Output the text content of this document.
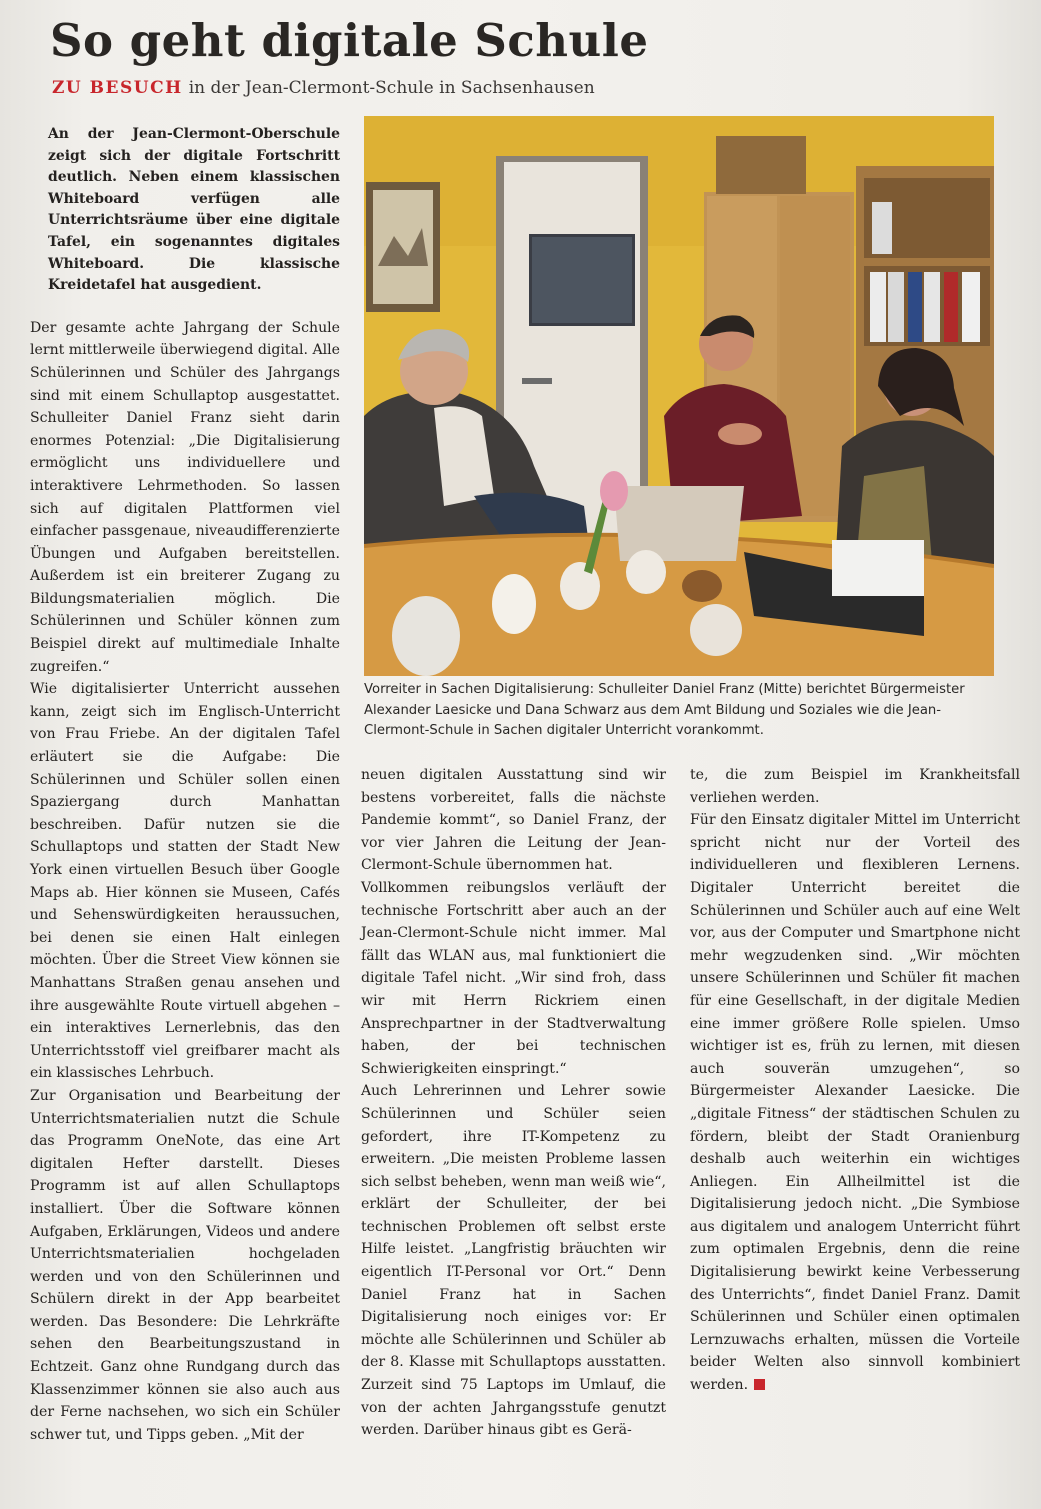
So geht digitale Schule
ZU BESUCH in der Jean-Clermont-Schule in Sachsenhausen

An der Jean-Clermont-Oberschule zeigt sich der digitale Fortschritt deutlich. Neben einem klassischen Whiteboard verfügen alle Unterrichtsräume über eine digitale Tafel, ein sogenanntes digitales Whiteboard. Die klassische Kreidetafel hat ausgedient.

Der gesamte achte Jahrgang der Schule lernt mittlerweile überwiegend digital. Alle Schülerinnen und Schüler des Jahrgangs sind mit einem Schullaptop ausgestattet. Schulleiter Daniel Franz sieht darin enormes Potenzial: „Die Digitalisierung ermöglicht uns individuellere und interaktivere Lehrmethoden. So lassen sich auf digitalen Plattformen viel einfacher passgenaue, niveaudifferenzierte Übungen und Aufgaben bereitstellen. Außerdem ist ein breiterer Zugang zu Bildungsmaterialien möglich. Die Schülerinnen und Schüler können zum Beispiel direkt auf multimediale Inhalte zugreifen.“

Wie digitalisierter Unterricht aussehen kann, zeigt sich im Englisch-Unterricht von Frau Friebe. An der digitalen Tafel erläutert sie die Aufgabe: Die Schülerinnen und Schüler sollen einen Spaziergang durch Manhattan beschreiben. Dafür nutzen sie die Schullaptops und statten der Stadt New York einen virtuellen Besuch über Google Maps ab. Hier können sie Museen, Cafés und Sehenswürdigkeiten heraussuchen, bei denen sie einen Halt einlegen möchten. Über die Street View können sie Manhattans Straßen genau ansehen und ihre ausgewählte Route virtuell abgehen – ein interaktives Lernerlebnis, das den Unterrichtsstoff viel greifbarer macht als ein klassisches Lehrbuch.

Zur Organisation und Bearbeitung der Unterrichtsmaterialien nutzt die Schule das Programm OneNote, das eine Art digitalen Hefter darstellt. Dieses Programm ist auf allen Schullaptops installiert. Über die Software können Aufgaben, Erklärungen, Videos und andere Unterrichtsmaterialien hochgeladen werden und von den Schülerinnen und Schülern direkt in der App bearbeitet werden. Das Besondere: Die Lehrkräfte sehen den Bearbeitungszustand in Echtzeit. Ganz ohne Rundgang durch das Klassenzimmer können sie also auch aus der Ferne nachsehen, wo sich ein Schüler schwer tut, und Tipps geben. „Mit der

Vorreiter in Sachen Digitalisierung: Schulleiter Daniel Franz (Mitte) berichtet Bürgermeister Alexander Laesicke und Dana Schwarz aus dem Amt Bildung und Soziales wie die Jean-Clermont-Schule in Sachen digitaler Unterricht vorankommt.

neuen digitalen Ausstattung sind wir bestens vorbereitet, falls die nächste Pandemie kommt“, so Daniel Franz, der vor vier Jahren die Leitung der Jean-Clermont-Schule übernommen hat.

Vollkommen reibungslos verläuft der technische Fortschritt aber auch an der Jean-Clermont-Schule nicht immer. Mal fällt das WLAN aus, mal funktioniert die digitale Tafel nicht. „Wir sind froh, dass wir mit Herrn Rickriem einen Ansprechpartner in der Stadtverwaltung haben, der bei technischen Schwierigkeiten einspringt.“

Auch Lehrerinnen und Lehrer sowie Schülerinnen und Schüler seien gefordert, ihre IT-Kompetenz zu erweitern. „Die meisten Probleme lassen sich selbst beheben, wenn man weiß wie“, erklärt der Schulleiter, der bei technischen Problemen oft selbst erste Hilfe leistet. „Langfristig bräuchten wir eigentlich IT-Personal vor Ort.“ Denn Daniel Franz hat in Sachen Digitalisierung noch einiges vor: Er möchte alle Schülerinnen und Schüler ab der 8. Klasse mit Schullaptops ausstatten. Zurzeit sind 75 Laptops im Umlauf, die von der achten Jahrgangsstufe genutzt werden. Darüber hinaus gibt es Gerä-

te, die zum Beispiel im Krankheitsfall verliehen werden.

Für den Einsatz digitaler Mittel im Unterricht spricht nicht nur der Vorteil des individuelleren und flexibleren Lernens. Digitaler Unterricht bereitet die Schülerinnen und Schüler auch auf eine Welt vor, aus der Computer und Smartphone nicht mehr wegzudenken sind. „Wir möchten unsere Schülerinnen und Schüler fit machen für eine Gesellschaft, in der digitale Medien eine immer größere Rolle spielen. Umso wichtiger ist es, früh zu lernen, mit diesen auch souverän umzugehen“, so Bürgermeister Alexander Laesicke. Die „digitale Fitness“ der städtischen Schulen zu fördern, bleibt der Stadt Oranienburg deshalb auch weiterhin ein wichtiges Anliegen. Ein Allheilmittel ist die Digitalisierung jedoch nicht. „Die Symbiose aus digitalem und analogem Unterricht führt zum optimalen Ergebnis, denn die reine Digitalisierung bewirkt keine Verbesserung des Unterrichts“, findet Daniel Franz. Damit Schülerinnen und Schüler einen optimalen Lernzuwachs erhalten, müssen die Vorteile beider Welten also sinnvoll kombiniert werden.
